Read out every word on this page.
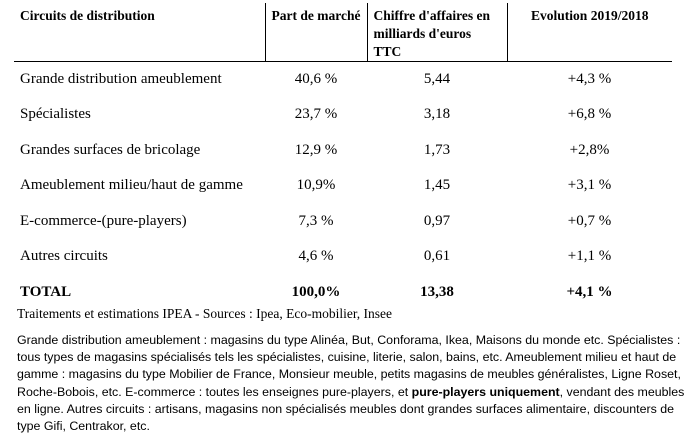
Circuits de distribution	Part de marché	Chiffre d'affaires en milliards d'euros TTC	Evolution 2019/2018
Grande distribution ameublement	40,6 %	5,44	+4,3 %
Spécialistes	23,7 %	3,18	+6,8 %
Grandes surfaces de bricolage	12,9 %	1,73	+2,8%
Ameublement milieu/haut de gamme	10,9%	1,45	+3,1 %
E-commerce-(pure-players)	7,3 %	0,97	+0,7 %
Autres circuits	4,6 %	0,61	+1,1 %
TOTAL	100,0%	13,38	+4,1 %
Traitements et estimations IPEA - Sources : Ipea, Eco-mobilier, Insee
Grande distribution ameublement : magasins du type Alinéa, But, Conforama, Ikea, Maisons du monde etc. Spécialistes : tous types de magasins spécialisés tels les spécialistes, cuisine, literie, salon, bains, etc. Ameublement milieu et haut de gamme : magasins du type Mobilier de France, Monsieur meuble, petits magasins de meubles généralistes, Ligne Roset, Roche-Bobois, etc. E-commerce : toutes les enseignes pure-players, et pure-players uniquement, vendant des meubles en ligne. Autres circuits : artisans, magasins non spécialisés meubles dont grandes surfaces alimentaire, discounters de type Gifi, Centrakor, etc.
